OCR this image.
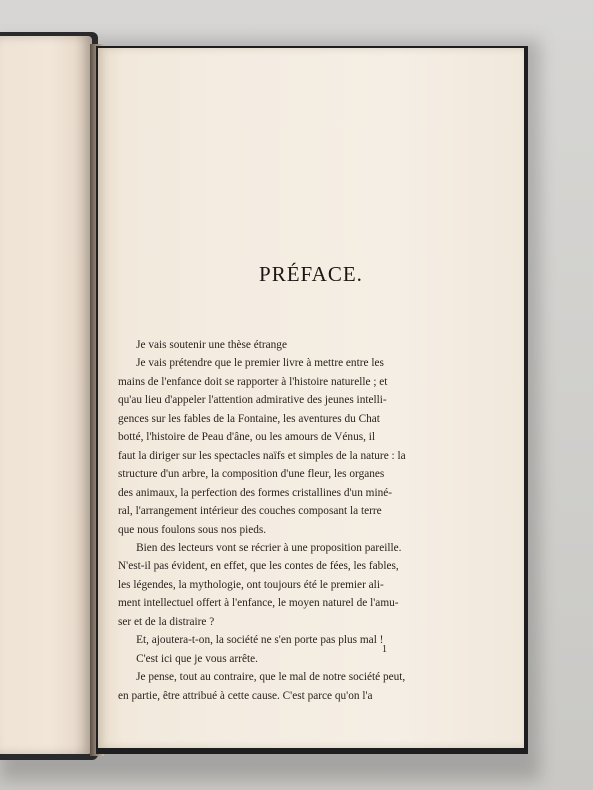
PRÉFACE.
Je vais soutenir une thèse étrange
Je vais prétendre que le premier livre à mettre entre les
mains de l'enfance doit se rapporter à l'histoire naturelle ; et
qu'au lieu d'appeler l'attention admirative des jeunes intelli-
gences sur les fables de la Fontaine, les aventures du Chat
botté, l'histoire de Peau d'âne, ou les amours de Vénus, il
faut la diriger sur les spectacles naïfs et simples de la nature : la
structure d'un arbre, la composition d'une fleur, les organes
des animaux, la perfection des formes cristallines d'un miné-
ral, l'arrangement intérieur des couches composant la terre
que nous foulons sous nos pieds.
Bien des lecteurs vont se récrier à une proposition pareille.
N'est-il pas évident, en effet, que les contes de fées, les fables,
les légendes, la mythologie, ont toujours été le premier ali-
ment intellectuel offert à l'enfance, le moyen naturel de l'amu-
ser et de la distraire ?
Et, ajoutera-t-on, la société ne s'en porte pas plus mal !
C'est ici que je vous arrête.
Je pense, tout au contraire, que le mal de notre société peut,
en partie, être attribué à cette cause. C'est parce qu'on l'a
1
